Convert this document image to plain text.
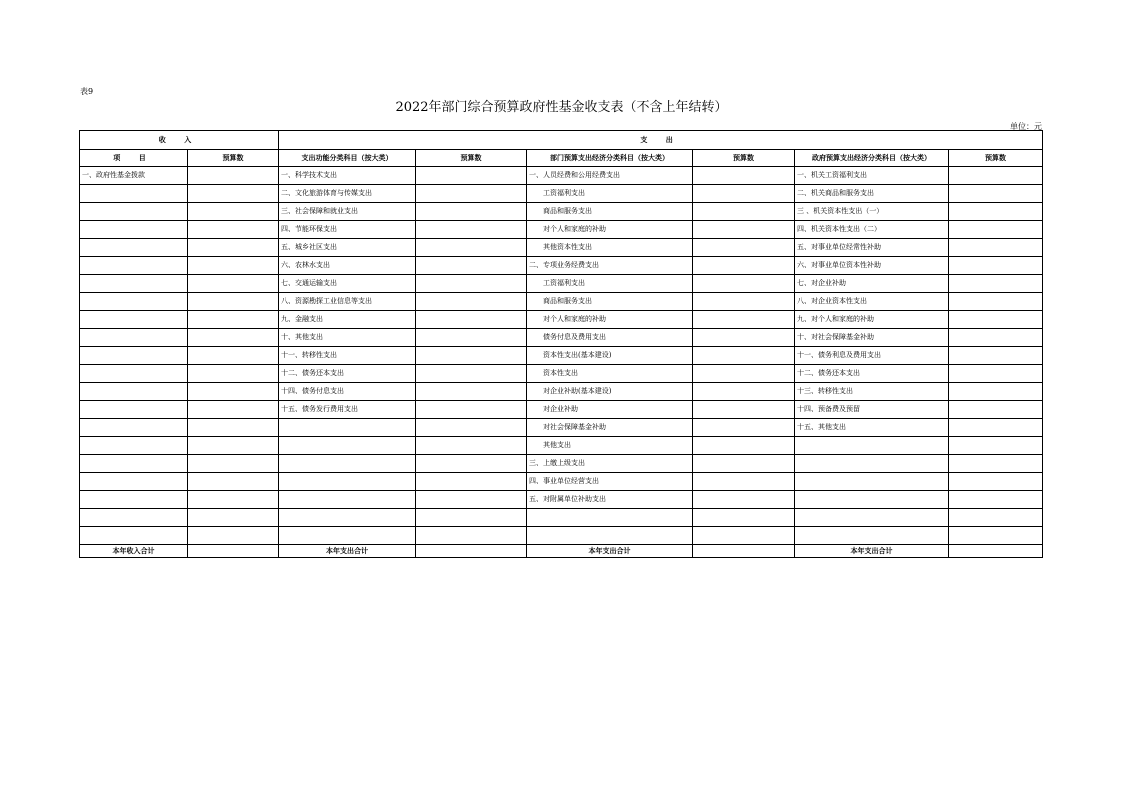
表9
2022年部门综合预算政府性基金收支表（不含上年结转）
单位：元
收 入		支 出					
项 目	预算数	支出功能分类科目（按大类）	预算数	部门预算支出经济分类科目（按大类）	预算数	政府预算支出经济分类科目（按大类）	预算数
一、政府性基金拨款		一、科学技术支出		一、人员经费和公用经费支出		一、机关工资福利支出	
		二、文化旅游体育与传媒支出		工资福利支出		二、机关商品和服务支出	
		三、社会保障和就业支出		商品和服务支出		三 、机关资本性支出（一）	
		四、节能环保支出		对个人和家庭的补助		四、机关资本性支出（二）	
		五、城乡社区支出		其他资本性支出		五、对事业单位经常性补助	
		六、农林水支出		二、专项业务经费支出		六、对事业单位资本性补助	
		七、交通运输支出		工资福利支出		七、对企业补助	
		八、资源勘探工业信息等支出		商品和服务支出		八、对企业资本性支出	
		九、金融支出		对个人和家庭的补助		九、对个人和家庭的补助	
		十、其他支出		债务付息及费用支出		十、对社会保障基金补助	
		十一、转移性支出		资本性支出(基本建设)		十一、债务利息及费用支出	
		十二、债务还本支出		资本性支出		十二、债务还本支出	
		十四、债务付息支出		对企业补助(基本建设)		十三、转移性支出	
		十五、债务发行费用支出		对企业补助		十四、预备费及预留	
				对社会保障基金补助		十五、其他支出	
				其他支出			
				三、上缴上级支出			
				四、事业单位经营支出			
				五、对附属单位补助支出			

本年收入合计		本年支出合计		本年支出合计		本年支出合计	
